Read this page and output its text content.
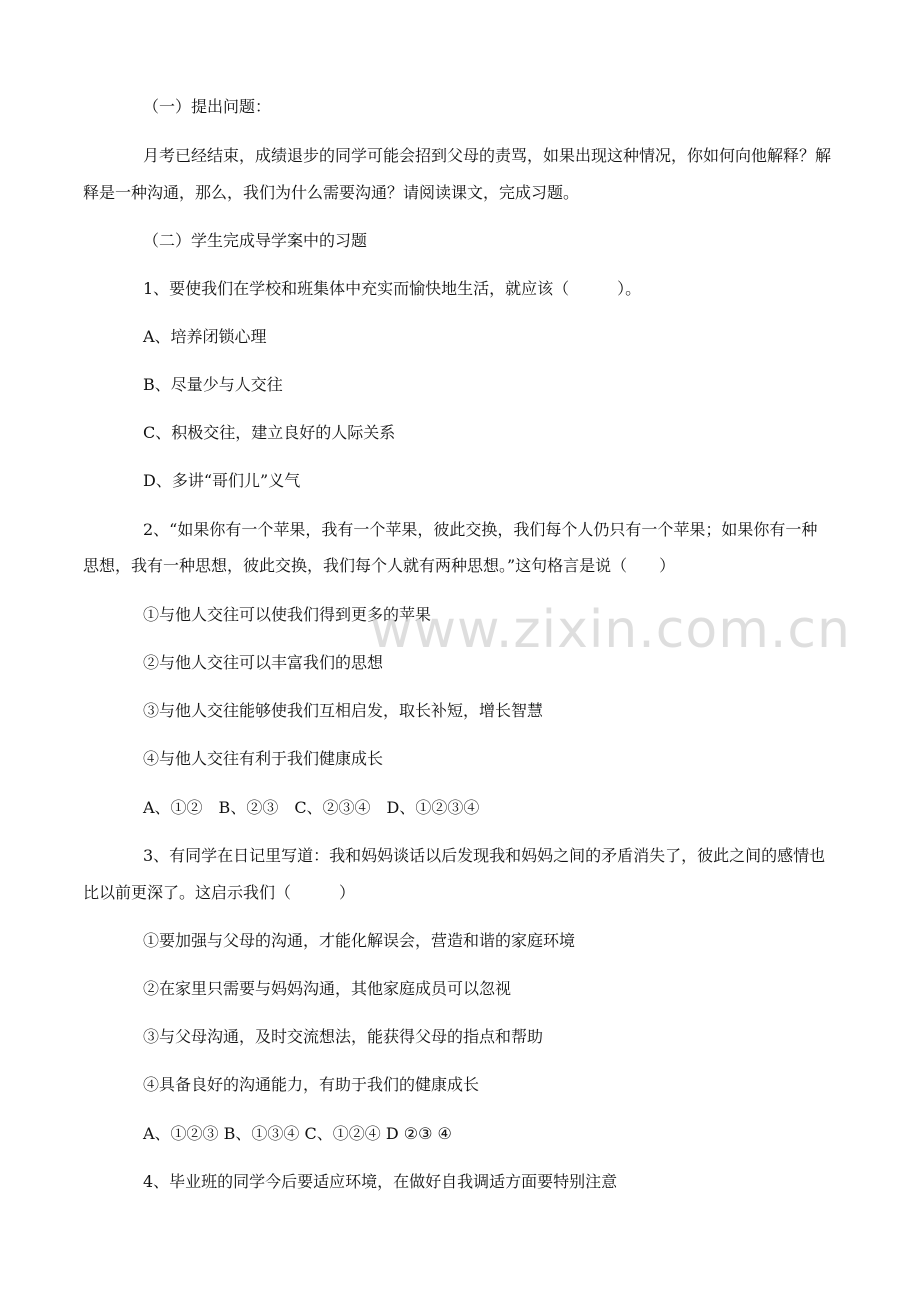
（一）提出问题：
月考已经结束，成绩退步的同学可能会招到父母的责骂，如果出现这种情况，你如何向他解释？解
释是一种沟通，那么，我们为什么需要沟通？请阅读课文，完成习题。
（二）学生完成导学案中的习题
1、要使我们在学校和班集体中充实而愉快地生活，就应该（　　　）。
A、培养闭锁心理
B、尽量少与人交往
C、积极交往，建立良好的人际关系
D、多讲“哥们儿”义气
2、“如果你有一个苹果，我有一个苹果，彼此交换，我们每个人仍只有一个苹果；如果你有一种
思想，我有一种思想，彼此交换，我们每个人就有两种思想。”这句格言是说（　　）
①与他人交往可以使我们得到更多的苹果
②与他人交往可以丰富我们的思想
③与他人交往能够使我们互相启发，取长补短，增长智慧
④与他人交往有利于我们健康成长
A、①②　B、②③　C、②③④　D、①②③④
3、有同学在日记里写道：我和妈妈谈话以后发现我和妈妈之间的矛盾消失了，彼此之间的感情也
比以前更深了。这启示我们（　　　）
①要加强与父母的沟通，才能化解误会，营造和谐的家庭环境
②在家里只需要与妈妈沟通，其他家庭成员可以忽视
③与父母沟通，及时交流想法，能获得父母的指点和帮助
④具备良好的沟通能力，有助于我们的健康成长
A、①②③ B、①③④ C、①②④ D ②③ ④
4、毕业班的同学今后要适应环境，在做好自我调适方面要特别注意
www.zixin.com.cn
